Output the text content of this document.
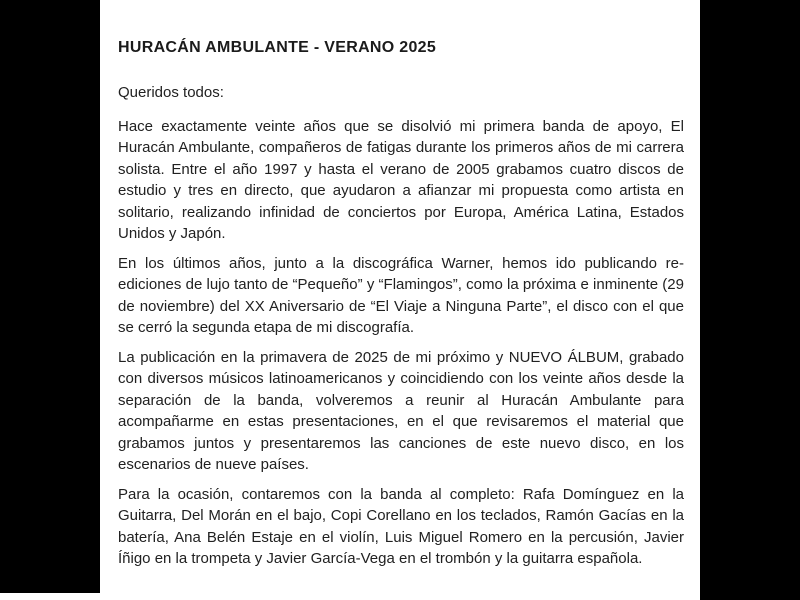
HURACÁN AMBULANTE - VERANO 2025

Queridos todos:

Hace exactamente veinte años que se disolvió mi primera banda de apoyo, El Huracán Ambulante, compañeros de fatigas durante los primeros años de mi carrera solista. Entre el año 1997 y hasta el verano de 2005 grabamos cuatro discos de estudio y tres en directo, que ayudaron a afianzar mi propuesta como artista en solitario, realizando infinidad de conciertos por Europa, América Latina, Estados Unidos y Japón.

En los últimos años, junto a la discográfica Warner, hemos ido publicando re-ediciones de lujo tanto de “Pequeño” y “Flamingos”, como la próxima e inminente (29 de noviembre) del XX Aniversario de “El Viaje a Ninguna Parte”, el disco con el que se cerró la segunda etapa de mi discografía.

La publicación en la primavera de 2025 de mi próximo y NUEVO ÁLBUM, grabado con diversos músicos latinoamericanos y coincidiendo con los veinte años desde la separación de la banda, volveremos a reunir al Huracán Ambulante para acompañarme en estas presentaciones, en el que revisaremos el material que grabamos juntos y presentaremos las canciones de este nuevo disco, en los escenarios de nueve países.

Para la ocasión, contaremos con la banda al completo: Rafa Domínguez en la Guitarra, Del Morán en el bajo, Copi Corellano en los teclados, Ramón Gacías en la batería, Ana Belén Estaje en el violín, Luis Miguel Romero en la percusión, Javier Íñigo en la trompeta y Javier García-Vega en el trombón y la guitarra española.
